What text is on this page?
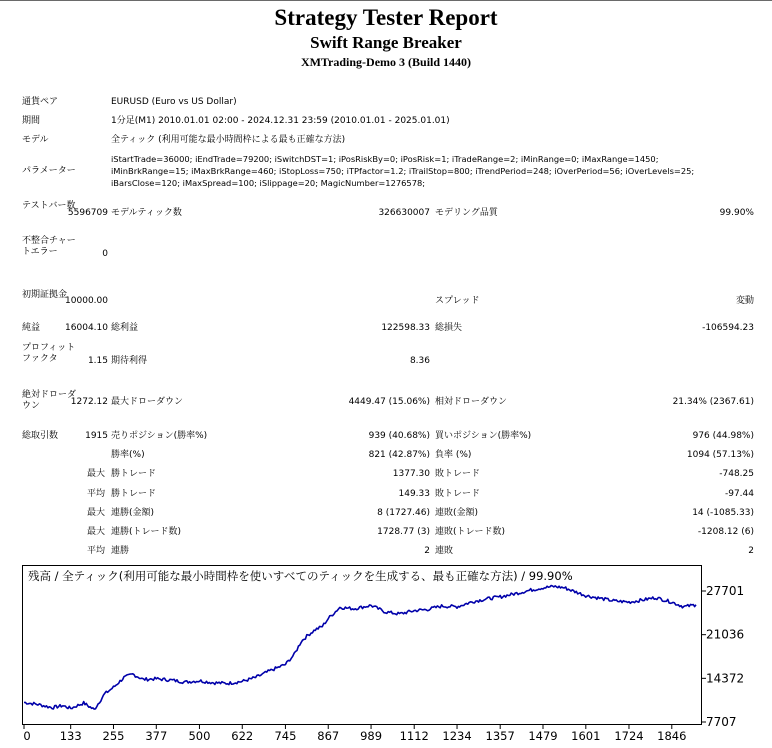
Strategy Tester Report
Swift Range Breaker
XMTrading-Demo 3 (Build 1440)
通貨ペア	EURUSD (Euro vs US Dollar)
期間	1分足(M1) 2010.01.01 02:00 - 2024.12.31 23:59 (2010.01.01 - 2025.01.01)
モデル	全ティック (利用可能な最小時間枠による最も正確な方法)
パラメーター
iStartTrade=36000; iEndTrade=79200; iSwitchDST=1; iPosRiskBy=0; iPosRisk=1; iTradeRange=2; iMinRange=0; iMaxRange=1450;
iMinBrkRange=15; iMaxBrkRange=460; iStopLoss=750; iTPfactor=1.2; iTrailStop=800; iTrendPeriod=248; iOverPeriod=56; iOverLevels=25;
iBarsClose=120; iMaxSpread=100; iSlippage=20; MagicNumber=1276578;
テストバー数
5596709 モデルティック数	326630007 モデリング品質	99.90%
不整合チャートエラー	0
初期証拠金
10000.00	スプレッド	変動
純益	16004.10 総利益	122598.33 総損失	-106594.23
プロフィットファクタ	1.15 期待利得	8.36
絶対ドローダウン	1272.12 最大ドローダウン	4449.47 (15.06%) 相対ドローダウン	21.34% (2367.61)
総取引数	1915 売りポジション(勝率%)	939 (40.68%) 買いポジション(勝率%)	976 (44.98%)
勝率(%)	821 (42.87%) 負率 (%)	1094 (57.13%)
最大 勝トレード	1377.30 敗トレード	-748.25
平均 勝トレード	149.33 敗トレード	-97.44
最大 連勝(金額)	8 (1727.46) 連敗(金額)	14 (-1085.33)
最大 連勝(トレード数)	1728.77 (3) 連敗(トレード数)	-1208.12 (6)
平均 連勝	2 連敗	2
残高 / 全ティック(利用可能な最小時間枠を使いすべてのティックを生成する、最も正確な方法) / 99.90%
0	133 255 377 500 622 745 867 989 1112 1234 1357 1479 1601 1724 1846
27701
21036
14372
7707
